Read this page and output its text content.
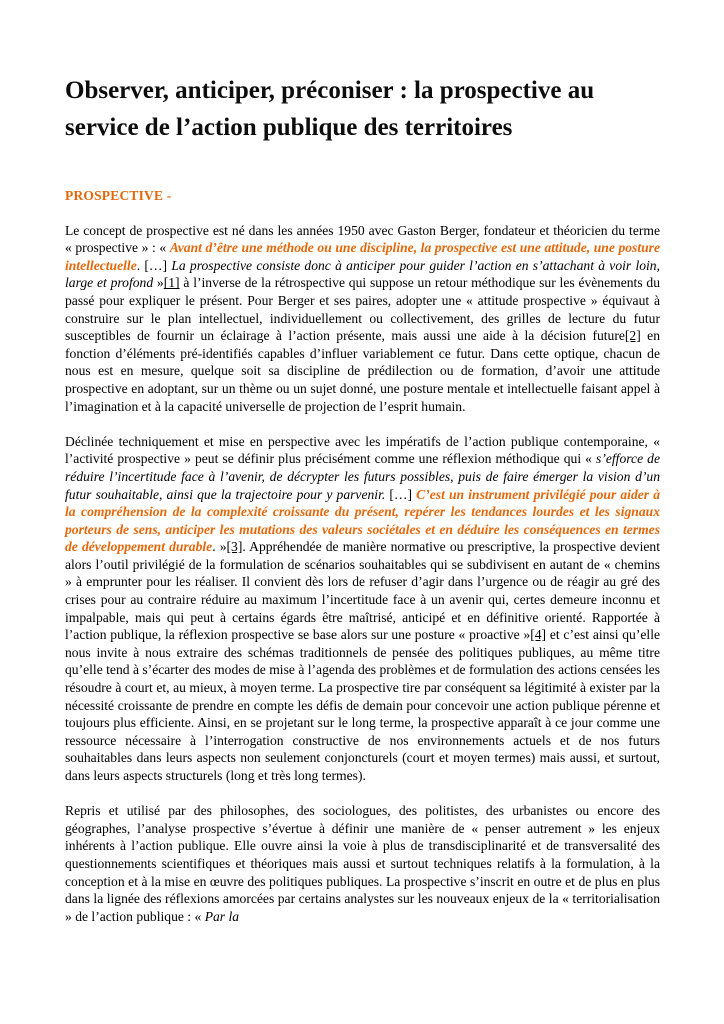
Observer, anticiper, préconiser : la prospective au service de l’action publique des territoires
PROSPECTIVE -

Le concept de prospective est né dans les années 1950 avec Gaston Berger, fondateur et théoricien du terme « prospective » : « Avant d’être une méthode ou une discipline, la prospective est une attitude, une posture intellectuelle. […] La prospective consiste donc à anticiper pour guider l’action en s’attachant à voir loin, large et profond »[1] à l’inverse de la rétrospective qui suppose un retour méthodique sur les évènements du passé pour expliquer le présent. Pour Berger et ses paires, adopter une « attitude prospective » équivaut à construire sur le plan intellectuel, individuellement ou collectivement, des grilles de lecture du futur susceptibles de fournir un éclairage à l’action présente, mais aussi une aide à la décision future[2] en fonction d’éléments pré-identifiés capables d’influer variablement ce futur. Dans cette optique, chacun de nous est en mesure, quelque soit sa discipline de prédilection ou de formation, d’avoir une attitude prospective en adoptant, sur un thème ou un sujet donné, une posture mentale et intellectuelle faisant appel à l’imagination et à la capacité universelle de projection de l’esprit humain.

Déclinée techniquement et mise en perspective avec les impératifs de l’action publique contemporaine, « l’activité prospective » peut se définir plus précisément comme une réflexion méthodique qui « s’efforce de réduire l’incertitude face à l’avenir, de décrypter les futurs possibles, puis de faire émerger la vision d’un futur souhaitable, ainsi que la trajectoire pour y parvenir. […] C’est un instrument privilégié pour aider à la compréhension de la complexité croissante du présent, repérer les tendances lourdes et les signaux porteurs de sens, anticiper les mutations des valeurs sociétales et en déduire les conséquences en termes de développement durable. »[3]. Appréhendée de manière normative ou prescriptive, la prospective devient alors l’outil privilégié de la formulation de scénarios souhaitables qui se subdivisent en autant de « chemins » à emprunter pour les réaliser. Il convient dès lors de refuser d’agir dans l’urgence ou de réagir au gré des crises pour au contraire réduire au maximum l’incertitude face à un avenir qui, certes demeure inconnu et impalpable, mais qui peut à certains égards être maîtrisé, anticipé et en définitive orienté. Rapportée à l’action publique, la réflexion prospective se base alors sur une posture « proactive »[4] et c’est ainsi qu’elle nous invite à nous extraire des schémas traditionnels de pensée des politiques publiques, au même titre qu’elle tend à s’écarter des modes de mise à l’agenda des problèmes et de formulation des actions censées les résoudre à court et, au mieux, à moyen terme. La prospective tire par conséquent sa légitimité à exister par la nécessité croissante de prendre en compte les défis de demain pour concevoir une action publique pérenne et toujours plus efficiente. Ainsi, en se projetant sur le long terme, la prospective apparaît à ce jour comme une ressource nécessaire à l’interrogation constructive de nos environnements actuels et de nos futurs souhaitables dans leurs aspects non seulement conjoncturels (court et moyen termes) mais aussi, et surtout, dans leurs aspects structurels (long et très long termes).

Repris et utilisé par des philosophes, des sociologues, des politistes, des urbanistes ou encore des géographes, l’analyse prospective s’évertue à définir une manière de « penser autrement » les enjeux inhérents à l’action publique. Elle ouvre ainsi la voie à plus de transdisciplinarité et de transversalité des questionnements scientifiques et théoriques mais aussi et surtout techniques relatifs à la formulation, à la conception et à la mise en œuvre des politiques publiques. La prospective s’inscrit en outre et de plus en plus dans la lignée des réflexions amorcées par certains analystes sur les nouveaux enjeux de la « territorialisation » de l’action publique : « Par la
